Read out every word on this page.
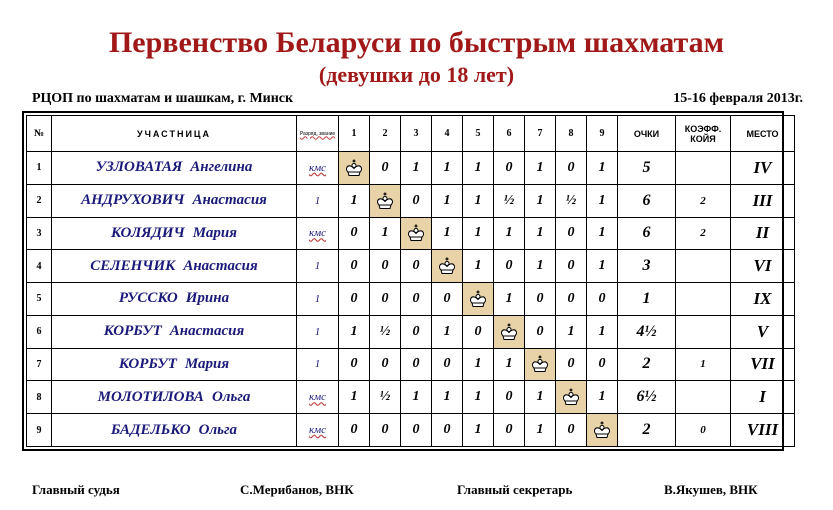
Первенство Беларуси по быстрым шахматам
(девушки до 18 лет)
РЦОП по шахматам и шашкам, г. Минск	15-16 февраля 2013г.
№	УЧАСТНИЦА	Разряд, звание	1	2	3	4	5	6	7	8	9	ОЧКИ	КОЭФФ. КОЙЯ	МЕСТО
1	УЗЛОВАТАЯ Ангелина	кмс		0	1	1	1	0	1	0	1	5		IV
2	АНДРУХОВИЧ Анастасия	1	1		0	1	1	½	1	½	1	6	2	III
3	КОЛЯДИЧ Мария	кмс	0	1		1	1	1	1	0	1	6	2	II
4	СЕЛЕНЧИК Анастасия	1	0	0	0		1	0	1	0	1	3		VI
5	РУССКО Ирина	1	0	0	0	0		1	0	0	0	1		IX
6	КОРБУТ Анастасия	1	1	½	0	1	0		0	1	1	4½		V
7	КОРБУТ Мария	1	0	0	0	0	1	1		0	0	2	1	VII
8	МОЛОТИЛОВА Ольга	кмс	1	½	1	1	1	0	1		1	6½		I
9	БАДЕЛЬКО Ольга	кмс	0	0	0	0	1	0	1	0		2	0	VIII
Главный судья	С.Мерибанов, ВНК	Главный секретарь	В.Якушев, ВНК
